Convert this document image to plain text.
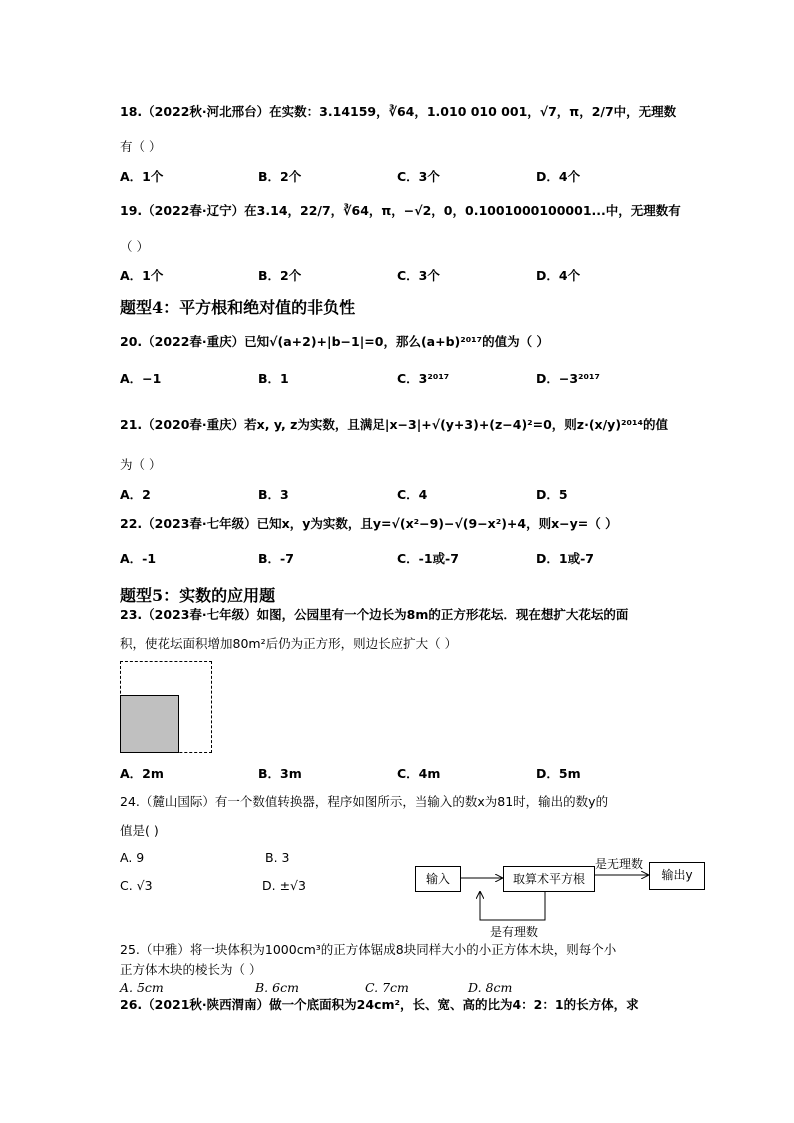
18.（2022秋·河北邢台）在实数：3.14159，∛64，1.010 010 001，√7，π，2/7中，无理数
有（ ）
A．1个	B．2个	C．3个	D．4个
19.（2022春·辽宁）在3.14，22/7，∛64，π，−√2，0，0.1001000100001...中，无理数有
（ ）
A．1个	B．2个	C．3个	D．4个
题型4：平方根和绝对值的非负性
20.（2022春·重庆）已知√(a+2)+|b−1|=0，那么(a+b)²⁰¹⁷的值为（ ）
A．−1	B．1	C．3²⁰¹⁷	D．−3²⁰¹⁷
21.（2020春·重庆）若x, y, z为实数，且满足|x−3|+√(y+3)+(z−4)²=0，则z·(x/y)²⁰¹⁴的值
为（ ）
A．2	B．3	C．4	D．5
22.（2023春·七年级）已知x，y为实数，且y=√(x²−9)−√(9−x²)+4，则x−y=（ ）
A．-1	B．-7	C．-1或-7	D．1或-7
题型5：实数的应用题
23.（2023春·七年级）如图，公园里有一个边长为8m的正方形花坛．现在想扩大花坛的面
积，使花坛面积增加80m²后仍为正方形，则边长应扩大（ ）
A．2m	B．3m	C．4m	D．5m
24.（麓山国际）有一个数值转换器，程序如图所示，当输入的数x为81时，输出的数y的
值是( )
A. 9	B. 3
C. √3	D. ±√3	输入	取算术平方根	输出y
是无理数
是有理数
25.（中雅）将一块体积为1000cm³的正方体锯成8块同样大小的小正方体木块，则每个小
正方体木块的棱长为（ ）
A. 5cm	B. 6cm	C. 7cm	D. 8cm
26.（2021秋·陕西渭南）做一个底面积为24cm²，长、宽、高的比为4：2：1的长方体，求
